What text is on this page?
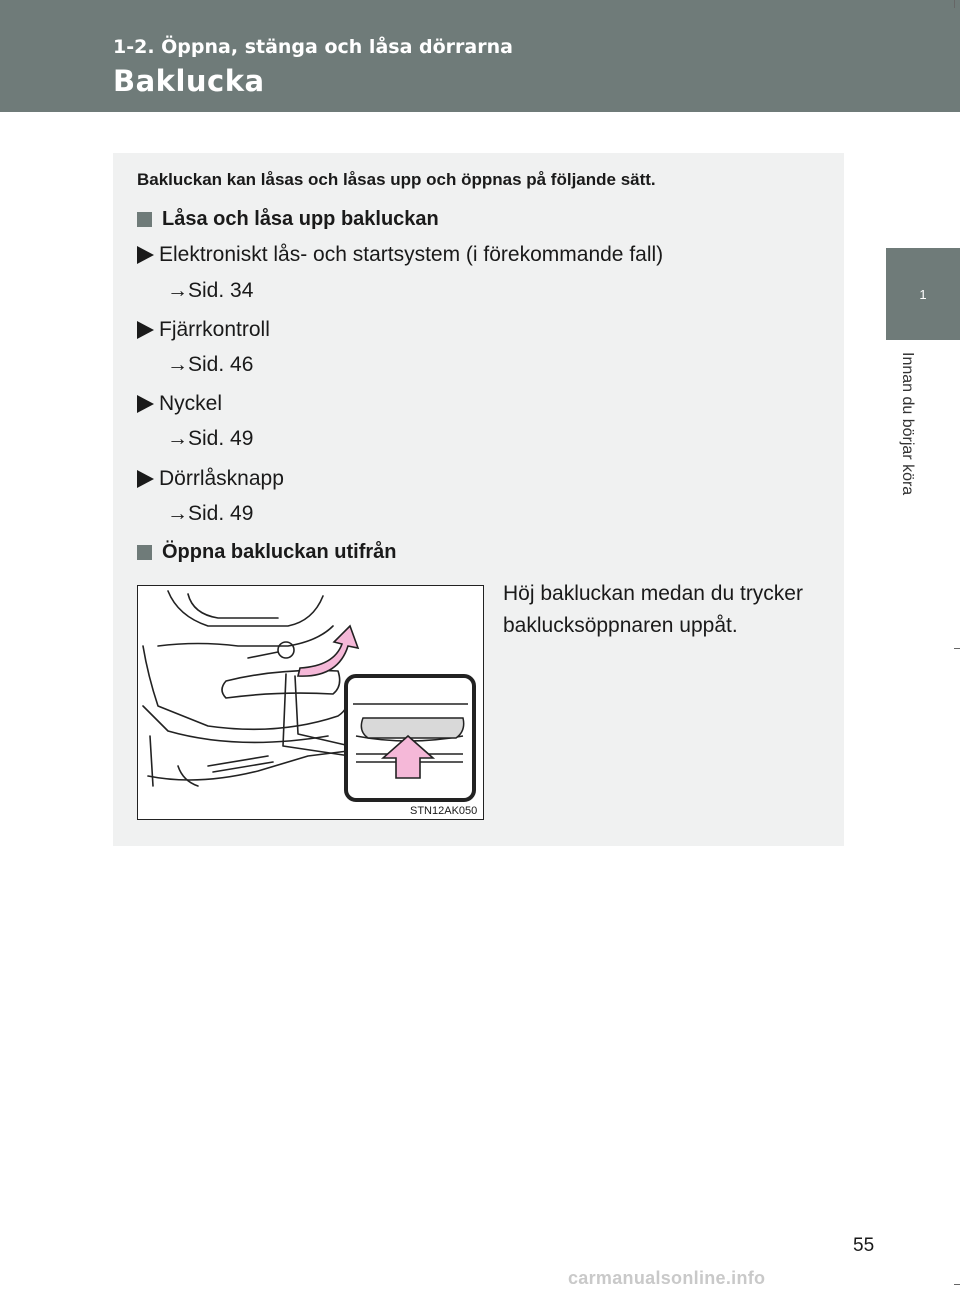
1-2. Öppna, stänga och låsa dörrarna
Baklucka
1
Innan du börjar köra
Bakluckan kan låsas och låsas upp och öppnas på följande sätt.
Låsa och låsa upp bakluckan
Elektroniskt lås- och startsystem (i förekommande fall)
→Sid. 34
Fjärrkontroll
→Sid. 46
Nyckel
→Sid. 49
Dörrlåsknapp
→Sid. 49
Öppna bakluckan utifrån
Höj bakluckan medan du trycker baklucksöppnaren uppåt.
STN12AK050
55
carmanualsonline.info
